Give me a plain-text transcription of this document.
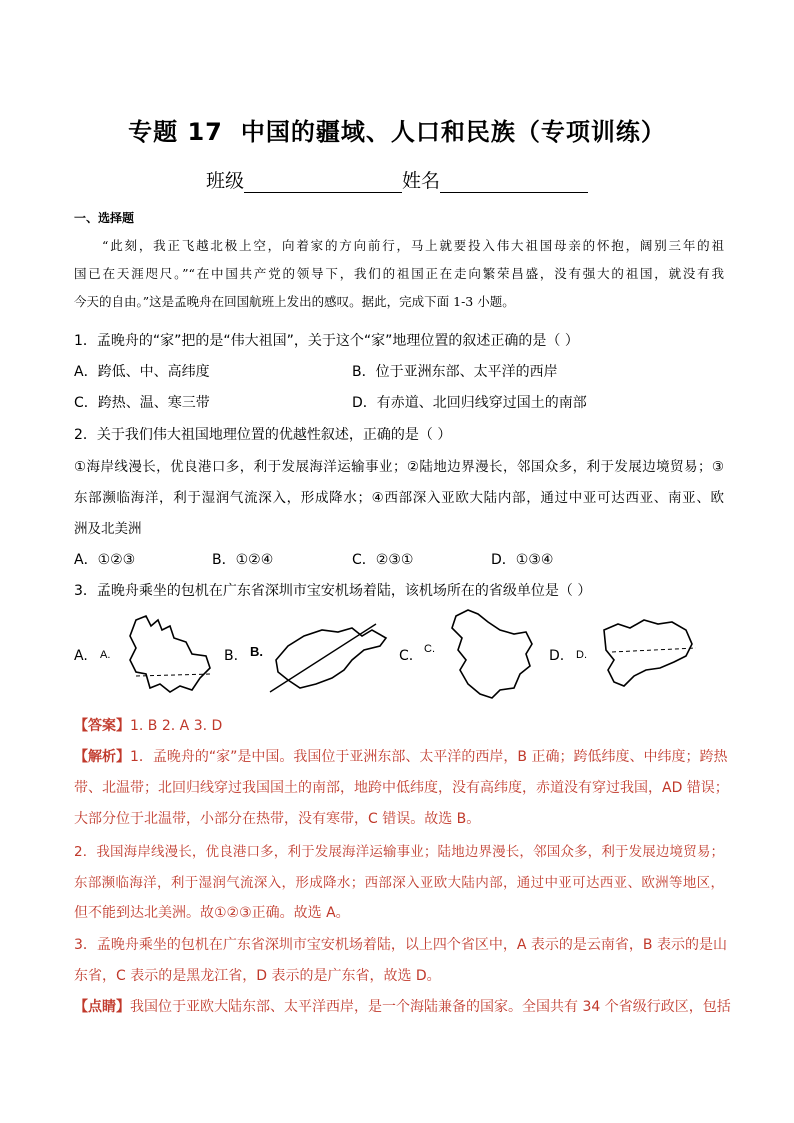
专题 17 中国的疆域、人口和民族（专项训练）
班级	姓名
一、选择题
“此刻，我正飞越北极上空，向着家的方向前行，马上就要投入伟大祖国母亲的怀抱，阔别三年的祖
国已在天涯咫尺。”“在中国共产党的领导下，我们的祖国正在走向繁荣昌盛，没有强大的祖国，就没有我
今天的自由。”这是孟晚舟在回国航班上发出的感叹。据此，完成下面 1-3 小题。
1．孟晚舟的“家”把的是“伟大祖国”，关于这个“家”地理位置的叙述正确的是（ ）
A．跨低、中、高纬度	B．位于亚洲东部、太平洋的西岸
C．跨热、温、寒三带	D．有赤道、北回归线穿过国土的南部
2．关于我们伟大祖国地理位置的优越性叙述，正确的是（ ）
①海岸线漫长，优良港口多，利于发展海洋运输事业；②陆地边界漫长，邻国众多，利于发展边境贸易；③
东部濒临海洋，利于湿润气流深入，形成降水；④西部深入亚欧大陆内部，通过中亚可达西亚、南亚、欧
洲及北美洲
A．①②③	B．①②④	C．②③①	D．①③④
3．孟晚舟乘坐的包机在广东省深圳市宝安机场着陆，该机场所在的省级单位是（ ）
A.	B.	C.	D.
A.	B.	C.	D.
【答案】1. B 2. A 3. D
【解析】1．孟晚舟的“家”是中国。我国位于亚洲东部、太平洋的西岸，B 正确；跨低纬度、中纬度；跨热
带、北温带；北回归线穿过我国国土的南部，地跨中低纬度，没有高纬度，赤道没有穿过我国，AD 错误；
大部分位于北温带，小部分在热带，没有寒带，C 错误。故选 B。
2．我国海岸线漫长，优良港口多，利于发展海洋运输事业；陆地边界漫长，邻国众多，利于发展边境贸易；
东部濒临海洋，利于湿润气流深入，形成降水；西部深入亚欧大陆内部，通过中亚可达西亚、欧洲等地区，
但不能到达北美洲。故①②③正确。故选 A。
3．孟晚舟乘坐的包机在广东省深圳市宝安机场着陆，以上四个省区中，A 表示的是云南省，B 表示的是山
东省，C 表示的是黑龙江省，D 表示的是广东省，故选 D。
【点睛】我国位于亚欧大陆东部、太平洋西岸，是一个海陆兼备的国家。全国共有 34 个省级行政区，包括
